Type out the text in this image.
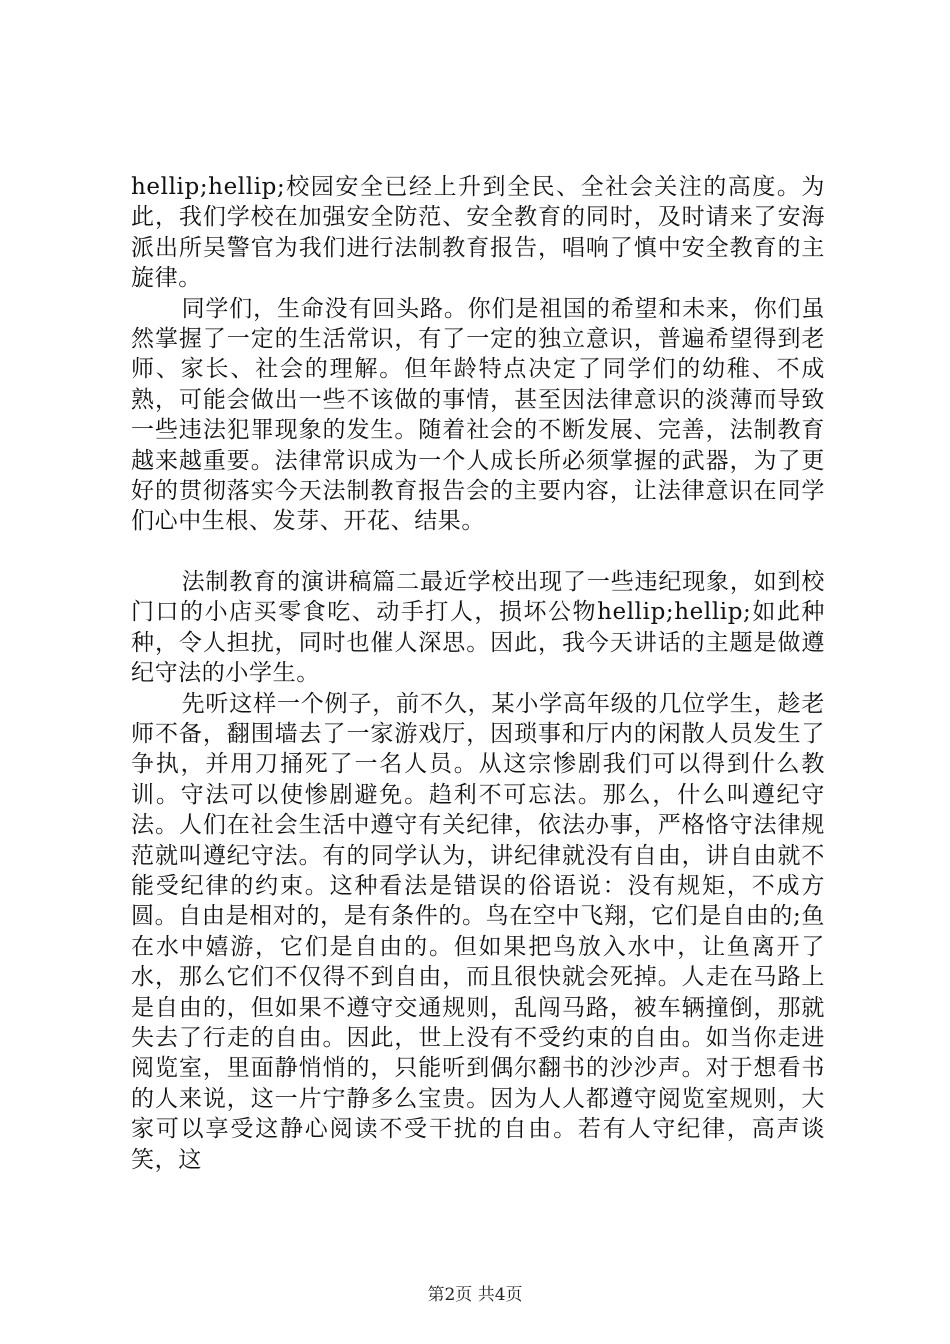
hellip;hellip;校园安全已经上升到全民、全社会关注的高度。为此，我们学校在加强安全防范、安全教育的同时，及时请来了安海派出所吴警官为我们进行法制教育报告，唱响了慎中安全教育的主旋律。

同学们，生命没有回头路。你们是祖国的希望和未来，你们虽然掌握了一定的生活常识，有了一定的独立意识，普遍希望得到老师、家长、社会的理解。但年龄特点决定了同学们的幼稚、不成熟，可能会做出一些不该做的事情，甚至因法律意识的淡薄而导致一些违法犯罪现象的发生。随着社会的不断发展、完善，法制教育越来越重要。法律常识成为一个人成长所必须掌握的武器，为了更好的贯彻落实今天法制教育报告会的主要内容，让法律意识在同学们心中生根、发芽、开花、结果。

法制教育的演讲稿篇二最近学校出现了一些违纪现象，如到校门口的小店买零食吃、动手打人，损坏公物hellip;hellip;如此种种，令人担扰，同时也催人深思。因此，我今天讲话的主题是做遵纪守法的小学生。

先听这样一个例子，前不久，某小学高年级的几位学生，趁老师不备，翻围墙去了一家游戏厅，因琐事和厅内的闲散人员发生了争执，并用刀捅死了一名人员。从这宗惨剧我们可以得到什么教训。守法可以使惨剧避免。趋利不可忘法。那么，什么叫遵纪守法。人们在社会生活中遵守有关纪律，依法办事，严格恪守法律规范就叫遵纪守法。有的同学认为，讲纪律就没有自由，讲自由就不能受纪律的约束。这种看法是错误的俗语说：没有规矩，不成方圆。自由是相对的，是有条件的。鸟在空中飞翔，它们是自由的;鱼在水中嬉游，它们是自由的。但如果把鸟放入水中，让鱼离开了水，那么它们不仅得不到自由，而且很快就会死掉。人走在马路上是自由的，但如果不遵守交通规则，乱闯马路，被车辆撞倒，那就失去了行走的自由。因此，世上没有不受约束的自由。如当你走进阅览室，里面静悄悄的，只能听到偶尔翻书的沙沙声。对于想看书的人来说，这一片宁静多么宝贵。因为人人都遵守阅览室规则，大家可以享受这静心阅读不受干扰的自由。若有人守纪律，高声谈笑，这

第2页 共4页
